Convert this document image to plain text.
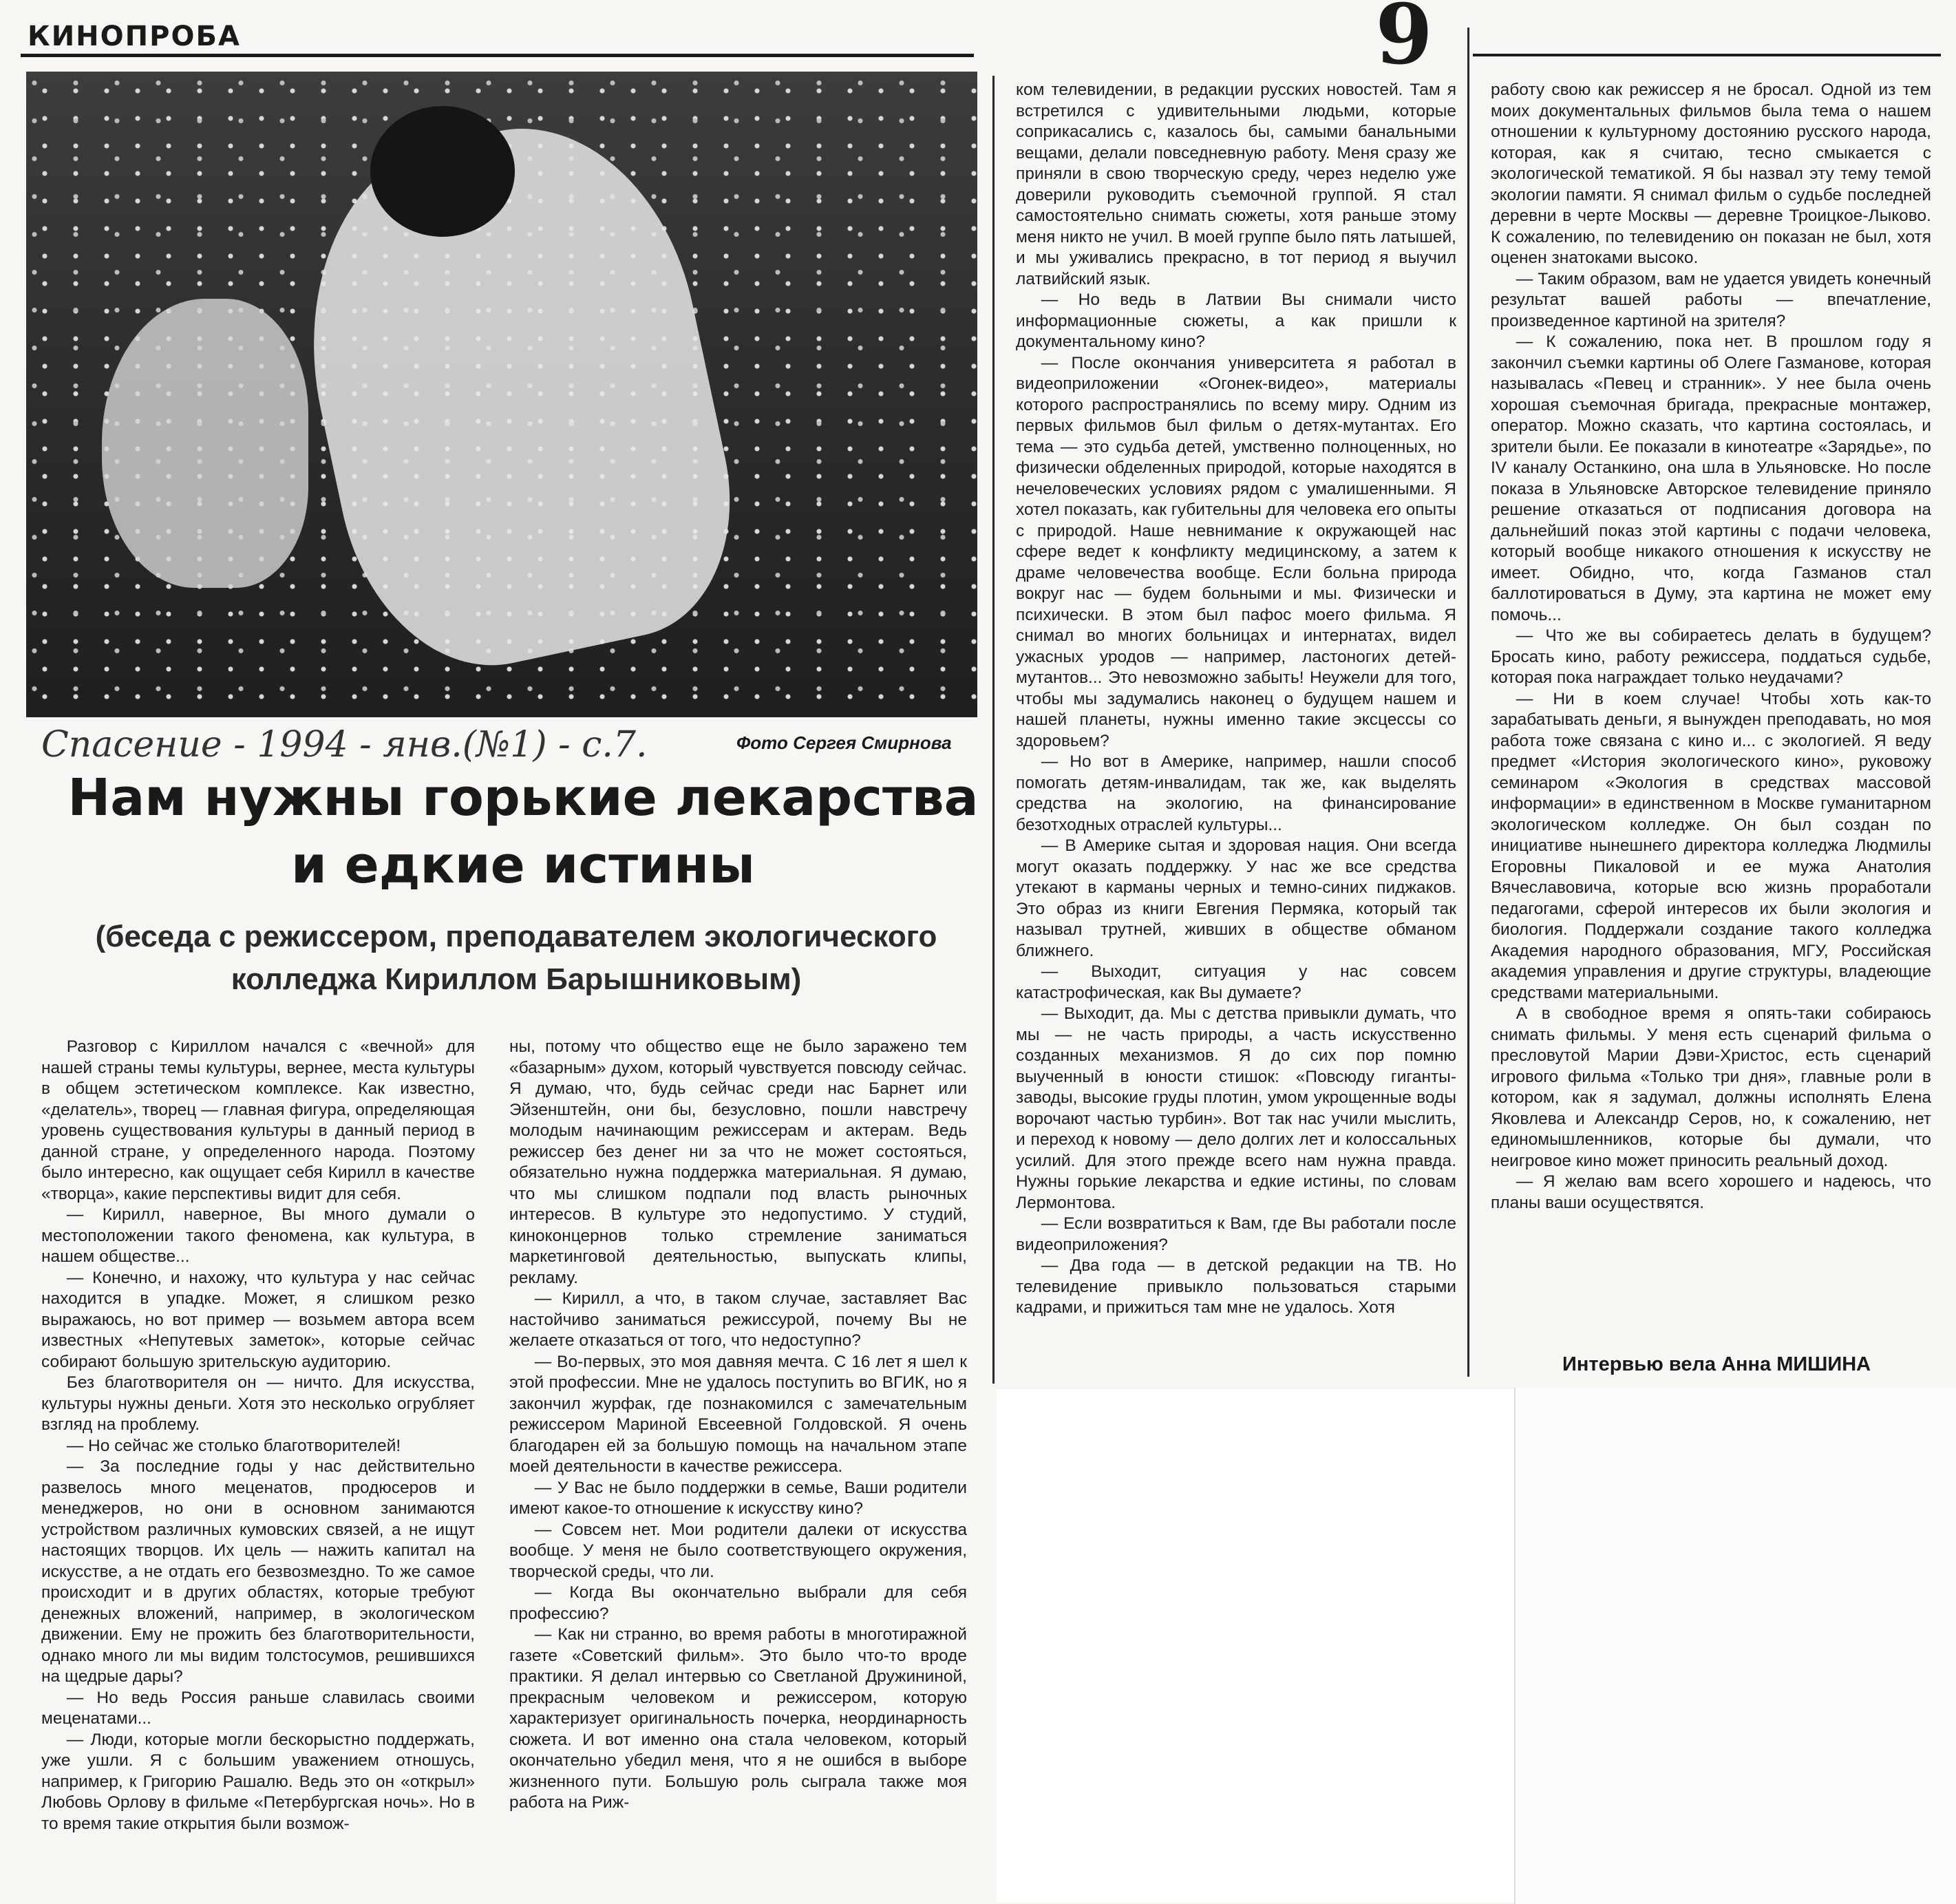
КИНОПРОБА	9
Спасение - 1994 - янв.(№1) - с.7.	Фото Сергея Смирнова
Нам нужны горькие лекарства и едкие истины
(беседа с режиссером, преподавателем экологического колледжа Кириллом Барышниковым)

Разговор с Кириллом начался с «вечной» для нашей страны темы культуры, вернее, места культуры в общем эстетическом комплексе. Как известно, «делатель», творец — главная фигура, определяющая уровень существования культуры в данный период в данной стране, у определенного народа. Поэтому было интересно, как ощущает себя Кирилл в качестве «творца», какие перспективы видит для себя.

— Кирилл, наверное, Вы много думали о местоположении такого феномена, как культура, в нашем обществе...

— Конечно, и нахожу, что культура у нас сейчас находится в упадке. Может, я слишком резко выражаюсь, но вот пример — возьмем автора всем известных «Непутевых заметок», которые сейчас собирают большую зрительскую аудиторию.

Без благотворителя он — ничто. Для искусства, культуры нужны деньги. Хотя это несколько огрубляет взгляд на проблему.

— Но сейчас же столько благотворителей!

— За последние годы у нас действительно развелось много меценатов, продюсеров и менеджеров, но они в основном занимаются устройством различных кумовских связей, а не ищут настоящих творцов. Их цель — нажить капитал на искусстве, а не отдать его безвозмездно. То же самое происходит и в других областях, которые требуют денежных вложений, например, в экологическом движении. Ему не прожить без благотворительности, однако много ли мы видим толстосумов, решившихся на щедрые дары?

— Но ведь Россия раньше славилась своими меценатами...

— Люди, которые могли бескорыстно поддержать, уже ушли. Я с большим уважением отношусь, например, к Григорию Рашалю. Ведь это он «открыл» Любовь Орлову в фильме «Петербургская ночь». Но в то время такие открытия были возмож-

ны, потому что общество еще не было заражено тем «базарным» духом, который чувствуется повсюду сейчас. Я думаю, что, будь сейчас среди нас Барнет или Эйзенштейн, они бы, безусловно, пошли навстречу молодым начинающим режиссерам и актерам. Ведь режиссер без денег ни за что не может состояться, обязательно нужна поддержка материальная. Я думаю, что мы слишком подпали под власть рыночных интересов. В культуре это недопустимо. У студий, киноконцернов только стремление заниматься маркетинговой деятельностью, выпускать клипы, рекламу.

— Кирилл, а что, в таком случае, заставляет Вас настойчиво заниматься режиссурой, почему Вы не желаете отказаться от того, что недоступно?

— Во-первых, это моя давняя мечта. С 16 лет я шел к этой профессии. Мне не удалось поступить во ВГИК, но я закончил журфак, где познакомился с замечательным режиссером Мариной Евсеевной Голдовской. Я очень благодарен ей за большую помощь на начальном этапе моей деятельности в качестве режиссера.

— У Вас не было поддержки в семье, Ваши родители имеют какое-то отношение к искусству кино?

— Совсем нет. Мои родители далеки от искусства вообще. У меня не было соответствующего окружения, творческой среды, что ли.

— Когда Вы окончательно выбрали для себя профессию?

— Как ни странно, во время работы в многотиражной газете «Советский фильм». Это было что-то вроде практики. Я делал интервью со Светланой Дружининой, прекрасным человеком и режиссером, которую характеризует оригинальность почерка, неординарность сюжета. И вот именно она стала человеком, который окончательно убедил меня, что я не ошибся в выборе жизненного пути. Большую роль сыграла также моя работа на Риж-

ком телевидении, в редакции русских новостей. Там я встретился с удивительными людьми, которые соприкасались с, казалось бы, самыми банальными вещами, делали повседневную работу. Меня сразу же приняли в свою творческую среду, через неделю уже доверили руководить съемочной группой. Я стал самостоятельно снимать сюжеты, хотя раньше этому меня никто не учил. В моей группе было пять латышей, и мы уживались прекрасно, в тот период я выучил латвийский язык.

— Но ведь в Латвии Вы снимали чисто информационные сюжеты, а как пришли к документальному кино?

— После окончания университета я работал в видеоприложении «Огонек-видео», материалы которого распространялись по всему миру. Одним из первых фильмов был фильм о детях-мутантах. Его тема — это судьба детей, умственно полноценных, но физически обделенных природой, которые находятся в нечеловеческих условиях рядом с умалишенными. Я хотел показать, как губительны для человека его опыты с природой. Наше невнимание к окружающей нас сфере ведет к конфликту медицинскому, а затем к драме человечества вообще. Если больна природа вокруг нас — будем больными и мы. Физически и психически. В этом был пафос моего фильма. Я снимал во многих больницах и интернатах, видел ужасных уродов — например, ластоногих детей-мутантов... Это невозможно забыть! Неужели для того, чтобы мы задумались наконец о будущем нашем и нашей планеты, нужны именно такие эксцессы со здоровьем?

— Но вот в Америке, например, нашли способ помогать детям-инвалидам, так же, как выделять средства на экологию, на финансирование безотходных отраслей культуры...

— В Америке сытая и здоровая нация. Они всегда могут оказать поддержку. У нас же все средства утекают в карманы черных и темно-синих пиджаков. Это образ из книги Евгения Пермяка, который так называл трутней, живших в обществе обманом ближнего.

— Выходит, ситуация у нас совсем катастрофическая, как Вы думаете?

— Выходит, да. Мы с детства привыкли думать, что мы — не часть природы, а часть искусственно созданных механизмов. Я до сих пор помню выученный в юности стишок: «Повсюду гиганты-заводы, высокие груды плотин, умом укрощенные воды ворочают частью турбин». Вот так нас учили мыслить, и переход к новому — дело долгих лет и колоссальных усилий. Для этого прежде всего нам нужна правда. Нужны горькие лекарства и едкие истины, по словам Лермонтова.

— Если возвратиться к Вам, где Вы работали после видеоприложения?

— Два года — в детской редакции на ТВ. Но телевидение привыкло пользоваться старыми кадрами, и прижиться там мне не удалось. Хотя

работу свою как режиссер я не бросал. Одной из тем моих документальных фильмов была тема о нашем отношении к культурному достоянию русского народа, которая, как я считаю, тесно смыкается с экологической тематикой. Я бы назвал эту тему темой экологии памяти. Я снимал фильм о судьбе последней деревни в черте Москвы — деревне Троицкое-Лыково. К сожалению, по телевидению он показан не был, хотя оценен знатоками высоко.

— Таким образом, вам не удается увидеть конечный результат вашей работы — впечатление, произведенное картиной на зрителя?

— К сожалению, пока нет. В прошлом году я закончил съемки картины об Олеге Газманове, которая называлась «Певец и странник». У нее была очень хорошая съемочная бригада, прекрасные монтажер, оператор. Можно сказать, что картина состоялась, и зрители были. Ее показали в кинотеатре «Зарядье», по IV каналу Останкино, она шла в Ульяновске. Но после показа в Ульяновске Авторское телевидение приняло решение отказаться от подписания договора на дальнейший показ этой картины с подачи человека, который вообще никакого отношения к искусству не имеет. Обидно, что, когда Газманов стал баллотироваться в Думу, эта картина не может ему помочь...

— Что же вы собираетесь делать в будущем? Бросать кино, работу режиссера, поддаться судьбе, которая пока награждает только неудачами?

— Ни в коем случае! Чтобы хоть как-то зарабатывать деньги, я вынужден преподавать, но моя работа тоже связана с кино и... с экологией. Я веду предмет «История экологического кино», руковожу семинаром «Экология в средствах массовой информации» в единственном в Москве гуманитарном экологическом колледже. Он был создан по инициативе нынешнего директора колледжа Людмилы Егоровны Пикаловой и ее мужа Анатолия Вячеславовича, которые всю жизнь проработали педагогами, сферой интересов их были экология и биология. Поддержали создание такого колледжа Академия народного образования, МГУ, Российская академия управления и другие структуры, владеющие средствами материальными.

А в свободное время я опять-таки собираюсь снимать фильмы. У меня есть сценарий фильма о пресловутой Марии Дэви-Христос, есть сценарий игрового фильма «Только три дня», главные роли в котором, как я задумал, должны исполнять Елена Яковлева и Александр Серов, но, к сожалению, нет единомышленников, которые бы думали, что неигровое кино может приносить реальный доход.

— Я желаю вам всего хорошего и надеюсь, что планы ваши осуществятся.

Интервью вела Анна МИШИНА
